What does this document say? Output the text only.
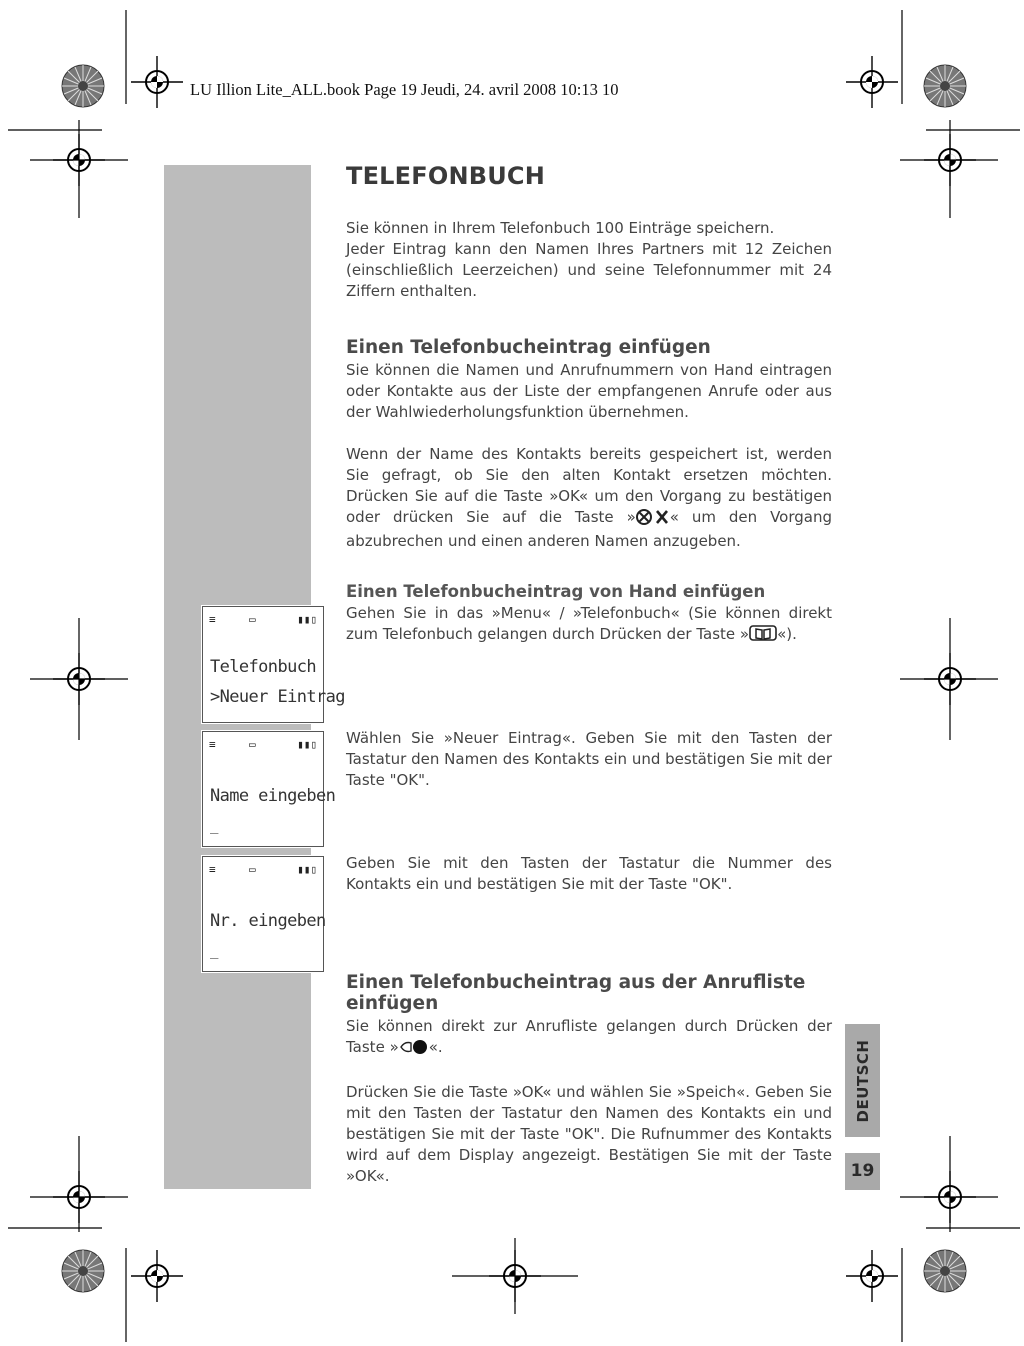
LU Illion Lite_ALL.book Page 19 Jeudi, 24. avril 2008 10:13 10
TELEFONBUCH

Sie können in Ihrem Telefonbuch 100 Einträge speichern.

Jeder Eintrag kann den Namen Ihres Partners mit 12 Zeichen (einschließlich Leerzeichen) und seine Telefonnummer mit 24 Ziffern enthalten.

Einen Telefonbucheintrag einfügen

Sie können die Namen und Anrufnummern von Hand eintragen oder Kontakte aus der Liste der empfangenen Anrufe oder aus der Wahlwiederholungsfunktion übernehmen.

Wenn der Name des Kontakts bereits gespeichert ist, werden Sie gefragt, ob Sie den alten Kontakt ersetzen möchten. Drücken Sie auf die Taste »OK« um den Vorgang zu bestätigen oder drücken Sie auf die Taste » « um den Vorgang abzubrechen und einen anderen Namen anzugeben.

Einen Telefonbucheintrag von Hand einfügen

Gehen Sie in das »Menu« / »Telefonbuch« (Sie können direkt zum Telefonbuch gelangen durch Drücken der Taste » «).

Wählen Sie »Neuer Eintrag«. Geben Sie mit den Tasten der Tastatur den Namen des Kontakts ein und bestätigen Sie mit der Taste "OK".

Geben Sie mit den Tasten der Tastatur die Nummer des Kontakts ein und bestätigen Sie mit der Taste "OK".

≡	▭	▮▮▯
Telefonbuch
>Neuer Eintrag
≡	▭	▮▮▯
Name eingeben
_
≡	▭	▮▮▯
Nr. eingeben
_
Einen Telefonbucheintrag aus der Anrufliste
einfügen

Sie können direkt zur Anrufliste gelangen durch Drücken der Taste » «.

Drücken Sie die Taste »OK« und wählen Sie »Speich«. Geben Sie mit den Tasten der Tastatur den Namen des Kontakts ein und bestätigen Sie mit der Taste "OK". Die Rufnummer des Kontakts wird auf dem Display angezeigt. Bestätigen Sie mit der Taste »OK«.

DEUTSCH
19
